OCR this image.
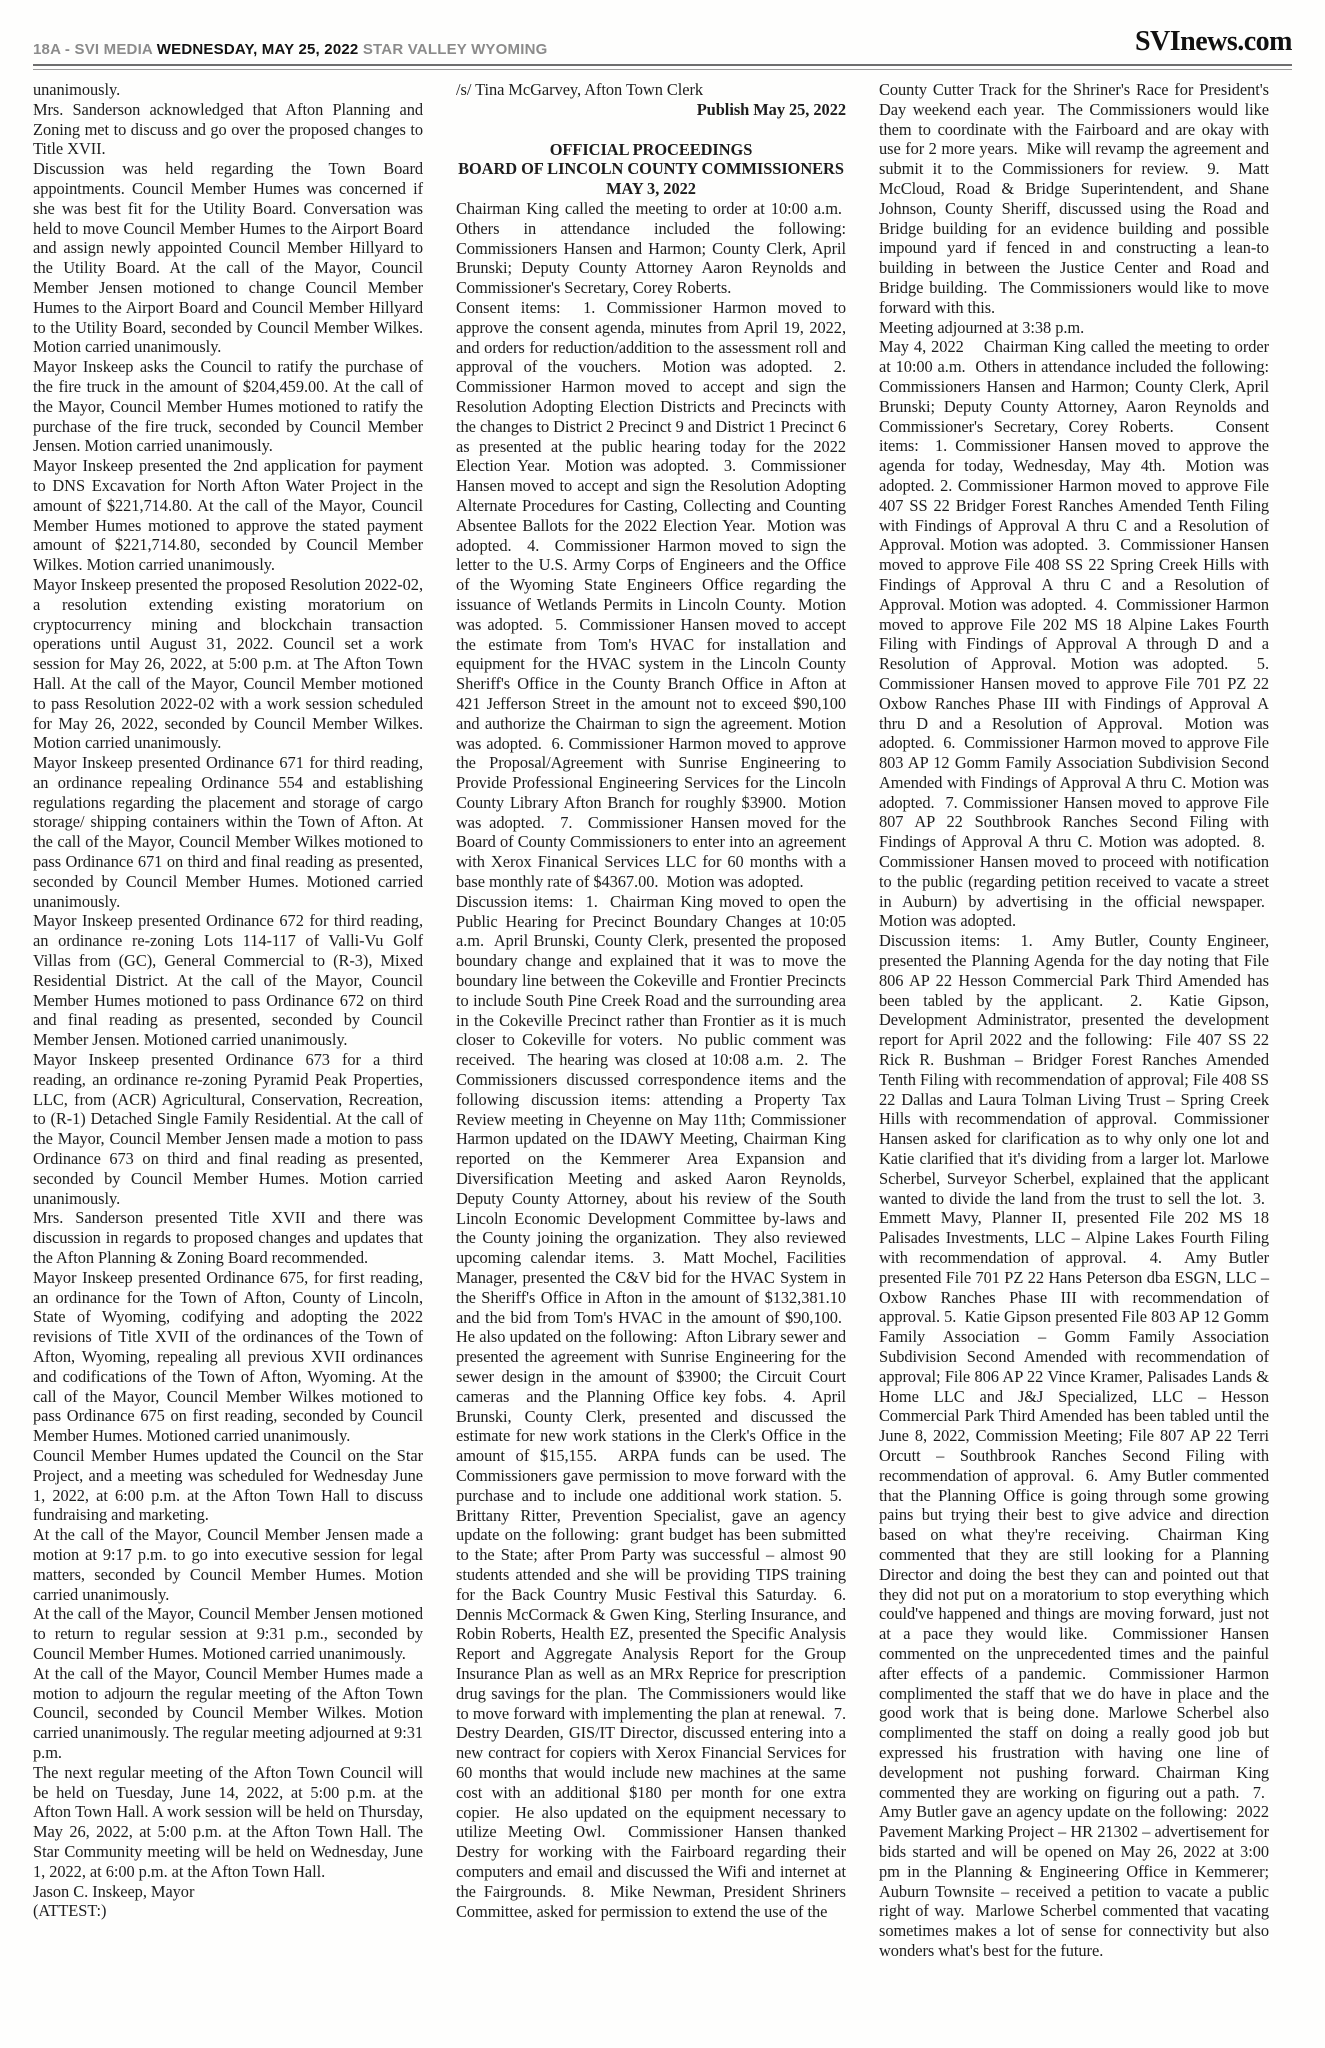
18A - SVI MEDIA WEDNESDAY, MAY 25, 2022 STAR VALLEY WYOMING	SVInews.com

unanimously.

Mrs. Sanderson acknowledged that Afton Planning and Zoning met to discuss and go over the proposed changes to Title XVII.

Discussion was held regarding the Town Board appointments. Council Member Humes was concerned if she was best fit for the Utility Board. Conversation was held to move Council Member Humes to the Airport Board and assign newly appointed Council Member Hillyard to the Utility Board. At the call of the Mayor, Council Member Jensen motioned to change Council Member Humes to the Airport Board and Council Member Hillyard to the Utility Board, seconded by Council Member Wilkes. Motion carried unanimously.

Mayor Inskeep asks the Council to ratify the purchase of the fire truck in the amount of $204,459.00. At the call of the Mayor, Council Member Humes motioned to ratify the purchase of the fire truck, seconded by Council Member Jensen. Motion carried unanimously.

Mayor Inskeep presented the 2nd application for payment to DNS Excavation for North Afton Water Project in the amount of $221,714.80. At the call of the Mayor, Council Member Humes motioned to approve the stated payment amount of $221,714.80, seconded by Council Member Wilkes. Motion carried unanimously.

Mayor Inskeep presented the proposed Resolution 2022-02, a resolution extending existing moratorium on cryptocurrency mining and blockchain transaction operations until August 31, 2022. Council set a work session for May 26, 2022, at 5:00 p.m. at The Afton Town Hall. At the call of the Mayor, Council Member motioned to pass Resolution 2022-02 with a work session scheduled for May 26, 2022, seconded by Council Member Wilkes. Motion carried unanimously.

Mayor Inskeep presented Ordinance 671 for third reading, an ordinance repealing Ordinance 554 and establishing regulations regarding the placement and storage of cargo storage/ shipping containers within the Town of Afton. At the call of the Mayor, Council Member Wilkes motioned to pass Ordinance 671 on third and final reading as presented, seconded by Council Member Humes. Motioned carried unanimously.

Mayor Inskeep presented Ordinance 672 for third reading, an ordinance re-zoning Lots 114-117 of Valli-Vu Golf Villas from (GC), General Commercial to (R-3), Mixed Residential District. At the call of the Mayor, Council Member Humes motioned to pass Ordinance 672 on third and final reading as presented, seconded by Council Member Jensen. Motioned carried unanimously.

Mayor Inskeep presented Ordinance 673 for a third reading, an ordinance re-zoning Pyramid Peak Properties, LLC, from (ACR) Agricultural, Conservation, Recreation, to (R-1) Detached Single Family Residential. At the call of the Mayor, Council Member Jensen made a motion to pass Ordinance 673 on third and final reading as presented, seconded by Council Member Humes. Motion carried unanimously.

Mrs. Sanderson presented Title XVII and there was discussion in regards to proposed changes and updates that the Afton Planning & Zoning Board recommended.

Mayor Inskeep presented Ordinance 675, for first reading, an ordinance for the Town of Afton, County of Lincoln, State of Wyoming, codifying and adopting the 2022 revisions of Title XVII of the ordinances of the Town of Afton, Wyoming, repealing all previous XVII ordinances and codifications of the Town of Afton, Wyoming. At the call of the Mayor, Council Member Wilkes motioned to pass Ordinance 675 on first reading, seconded by Council Member Humes. Motioned carried unanimously.

Council Member Humes updated the Council on the Star Project, and a meeting was scheduled for Wednesday June 1, 2022, at 6:00 p.m. at the Afton Town Hall to discuss fundraising and marketing.

At the call of the Mayor, Council Member Jensen made a motion at 9:17 p.m. to go into executive session for legal matters, seconded by Council Member Humes. Motion carried unanimously.

At the call of the Mayor, Council Member Jensen motioned to return to regular session at 9:31 p.m., seconded by Council Member Humes. Motioned carried unanimously.

At the call of the Mayor, Council Member Humes made a motion to adjourn the regular meeting of the Afton Town Council, seconded by Council Member Wilkes. Motion carried unanimously. The regular meeting adjourned at 9:31 p.m.

The next regular meeting of the Afton Town Council will be held on Tuesday, June 14, 2022, at 5:00 p.m. at the Afton Town Hall. A work session will be held on Thursday, May 26, 2022, at 5:00 p.m. at the Afton Town Hall. The Star Community meeting will be held on Wednesday, June 1, 2022, at 6:00 p.m. at the Afton Town Hall.

Jason C. Inskeep, Mayor

(ATTEST:)

/s/ Tina McGarvey, Afton Town Clerk

Publish May 25, 2022

OFFICIAL PROCEEDINGS

BOARD OF LINCOLN COUNTY COMMISSIONERS

MAY 3, 2022

Chairman King called the meeting to order at 10:00 a.m.  Others in attendance included the following: Commissioners Hansen and Harmon; County Clerk, April Brunski; Deputy County Attorney Aaron Reynolds and Commissioner's Secretary, Corey Roberts.

Consent items:  1. Commissioner Harmon moved to approve the consent agenda, minutes from April 19, 2022, and orders for reduction/addition to the assessment roll and approval of the vouchers.  Motion was adopted.  2. Commissioner Harmon moved to accept and sign the Resolution Adopting Election Districts and Precincts with the changes to District 2 Precinct 9 and District 1 Precinct 6 as presented at the public hearing today for the 2022 Election Year.  Motion was adopted.  3.  Commissioner Hansen moved to accept and sign the Resolution Adopting Alternate Procedures for Casting, Collecting and Counting Absentee Ballots for the 2022 Election Year.  Motion was adopted.  4.  Commissioner Harmon moved to sign the letter to the U.S. Army Corps of Engineers and the Office of the Wyoming State Engineers Office regarding the issuance of Wetlands Permits in Lincoln County.  Motion was adopted.  5.  Commissioner Hansen moved to accept the estimate from Tom's HVAC for installation and equipment for the HVAC system in the Lincoln County Sheriff's Office in the County Branch Office in Afton at 421 Jefferson Street in the amount not to exceed $90,100 and authorize the Chairman to sign the agreement. Motion was adopted.  6. Commissioner Harmon moved to approve the Proposal/Agreement with Sunrise Engineering to Provide Professional Engineering Services for the Lincoln County Library Afton Branch for roughly $3900.  Motion was adopted.  7.  Commissioner Hansen moved for the Board of County Commissioners to enter into an agreement with Xerox Finanical Services LLC for 60 months with a base monthly rate of $4367.00.  Motion was adopted.

Discussion items:  1.  Chairman King moved to open the Public Hearing for Precinct Boundary Changes at 10:05 a.m.  April Brunski, County Clerk, presented the proposed boundary change and explained that it was to move the boundary line between the Cokeville and Frontier Precincts to include South Pine Creek Road and the surrounding area in the Cokeville Precinct rather than Frontier as it is much closer to Cokeville for voters.  No public comment was received.  The hearing was closed at 10:08 a.m.  2.  The Commissioners discussed correspondence items and the following discussion items: attending a Property Tax Review meeting in Cheyenne on May 11th; Commissioner Harmon updated on the IDAWY Meeting, Chairman King reported on the Kemmerer Area Expansion and Diversification Meeting and asked Aaron Reynolds, Deputy County Attorney, about his review of the South Lincoln Economic Development Committee by-laws and the County joining the organization.  They also reviewed upcoming calendar items.  3.  Matt Mochel, Facilities Manager, presented the C&V bid for the HVAC System in the Sheriff's Office in Afton in the amount of $132,381.10 and the bid from Tom's HVAC in the amount of $90,100.  He also updated on the following:  Afton Library sewer and presented the agreement with Sunrise Engineering for the sewer design in the amount of $3900; the Circuit Court cameras  and the Planning Office key fobs.  4.  April Brunski, County Clerk, presented and discussed the estimate for new work stations in the Clerk's Office in the amount of $15,155.  ARPA funds can be used. The Commissioners gave permission to move forward with the purchase and to include one additional work station. 5.  Brittany Ritter, Prevention Specialist, gave an agency update on the following:  grant budget has been submitted to the State; after Prom Party was successful – almost 90 students attended and she will be providing TIPS training for the Back Country Music Festival this Saturday.  6. Dennis McCormack & Gwen King, Sterling Insurance, and Robin Roberts, Health EZ, presented the Specific Analysis Report and Aggregate Analysis Report for the Group Insurance Plan as well as an MRx Reprice for prescription drug savings for the plan.  The Commissioners would like to move forward with implementing the plan at renewal.  7. Destry Dearden, GIS/IT Director, discussed entering into a new contract for copiers with Xerox Financial Services for 60 months that would include new machines at the same cost with an additional $180 per month for one extra copier.  He also updated on the equipment necessary to utilize Meeting Owl.  Commissioner Hansen thanked Destry for working with the Fairboard regarding their computers and email and discussed the Wifi and internet at the Fairgrounds.  8.  Mike Newman, President Shriners Committee, asked for permission to extend the use of the

County Cutter Track for the Shriner's Race for President's Day weekend each year.  The Commissioners would like them to coordinate with the Fairboard and are okay with use for 2 more years.  Mike will revamp the agreement and submit it to the Commissioners for review.  9.  Matt McCloud, Road & Bridge Superintendent, and Shane Johnson, County Sheriff, discussed using the Road and Bridge building for an evidence building and possible impound yard if fenced in and constructing a lean-to building in between the Justice Center and Road and Bridge building.  The Commissioners would like to move forward with this.

Meeting adjourned at 3:38 p.m.

May 4, 2022    Chairman King called the meeting to order at 10:00 a.m.  Others in attendance included the following: Commissioners Hansen and Harmon; County Clerk, April Brunski; Deputy County Attorney, Aaron Reynolds and Commissioner's Secretary, Corey Roberts.    Consent items:  1. Commissioner Hansen moved to approve the agenda for today, Wednesday, May 4th.  Motion was adopted. 2. Commissioner Harmon moved to approve File 407 SS 22 Bridger Forest Ranches Amended Tenth Filing with Findings of Approval A thru C and a Resolution of Approval. Motion was adopted.  3.  Commissioner Hansen moved to approve File 408 SS 22 Spring Creek Hills with Findings of Approval A thru C and a Resolution of Approval. Motion was adopted.  4.  Commissioner Harmon moved to approve File 202 MS 18 Alpine Lakes Fourth Filing with Findings of Approval A through D and a Resolution of Approval. Motion was adopted.  5. Commissioner Hansen moved to approve File 701 PZ 22 Oxbow Ranches Phase III with Findings of Approval A thru D and a Resolution of Approval.  Motion was adopted.  6.  Commissioner Harmon moved to approve File 803 AP 12 Gomm Family Association Subdivision Second Amended with Findings of Approval A thru C. Motion was adopted.  7. Commissioner Hansen moved to approve File 807 AP 22 Southbrook Ranches Second Filing with Findings of Approval A thru C. Motion was adopted.  8.  Commissioner Hansen moved to proceed with notification to the public (regarding petition received to vacate a street in Auburn) by advertising in the official newspaper.  Motion was adopted.

Discussion items:  1.  Amy Butler, County Engineer, presented the Planning Agenda for the day noting that File 806 AP 22 Hesson Commercial Park Third Amended has been tabled by the applicant.  2.  Katie Gipson, Development Administrator, presented the development report for April 2022 and the following:  File 407 SS 22 Rick R. Bushman – Bridger Forest Ranches Amended Tenth Filing with recommendation of approval; File 408 SS 22 Dallas and Laura Tolman Living Trust – Spring Creek Hills with recommendation of approval.  Commissioner Hansen asked for clarification as to why only one lot and Katie clarified that it's dividing from a larger lot. Marlowe Scherbel, Surveyor Scherbel, explained that the applicant wanted to divide the land from the trust to sell the lot.  3.  Emmett Mavy, Planner II, presented File 202 MS 18 Palisades Investments, LLC – Alpine Lakes Fourth Filing with recommendation of approval.  4.  Amy Butler presented File 701 PZ 22 Hans Peterson dba ESGN, LLC – Oxbow Ranches Phase III with recommendation of approval. 5.  Katie Gipson presented File 803 AP 12 Gomm Family Association – Gomm Family Association Subdivision Second Amended with recommendation of approval; File 806 AP 22 Vince Kramer, Palisades Lands & Home LLC and J&J Specialized, LLC – Hesson Commercial Park Third Amended has been tabled until the June 8, 2022, Commission Meeting; File 807 AP 22 Terri Orcutt – Southbrook Ranches Second Filing with recommendation of approval.  6.  Amy Butler commented that the Planning Office is going through some growing pains but trying their best to give advice and direction based on what they're receiving.  Chairman King commented that they are still looking for a Planning Director and doing the best they can and pointed out that they did not put on a moratorium to stop everything which could've happened and things are moving forward, just not at a pace they would like.  Commissioner Hansen commented on the unprecedented times and the painful after effects of a pandemic.  Commissioner Harmon complimented the staff that we do have in place and the good work that is being done. Marlowe Scherbel also complimented the staff on doing a really good job but expressed his frustration with having one line of development not pushing forward. Chairman King commented they are working on figuring out a path.  7.  Amy Butler gave an agency update on the following:  2022 Pavement Marking Project – HR 21302 – advertisement for bids started and will be opened on May 26, 2022 at 3:00 pm in the Planning & Engineering Office in Kemmerer; Auburn Townsite – received a petition to vacate a public right of way.  Marlowe Scherbel commented that vacating sometimes makes a lot of sense for connectivity but also wonders what's best for the future.
